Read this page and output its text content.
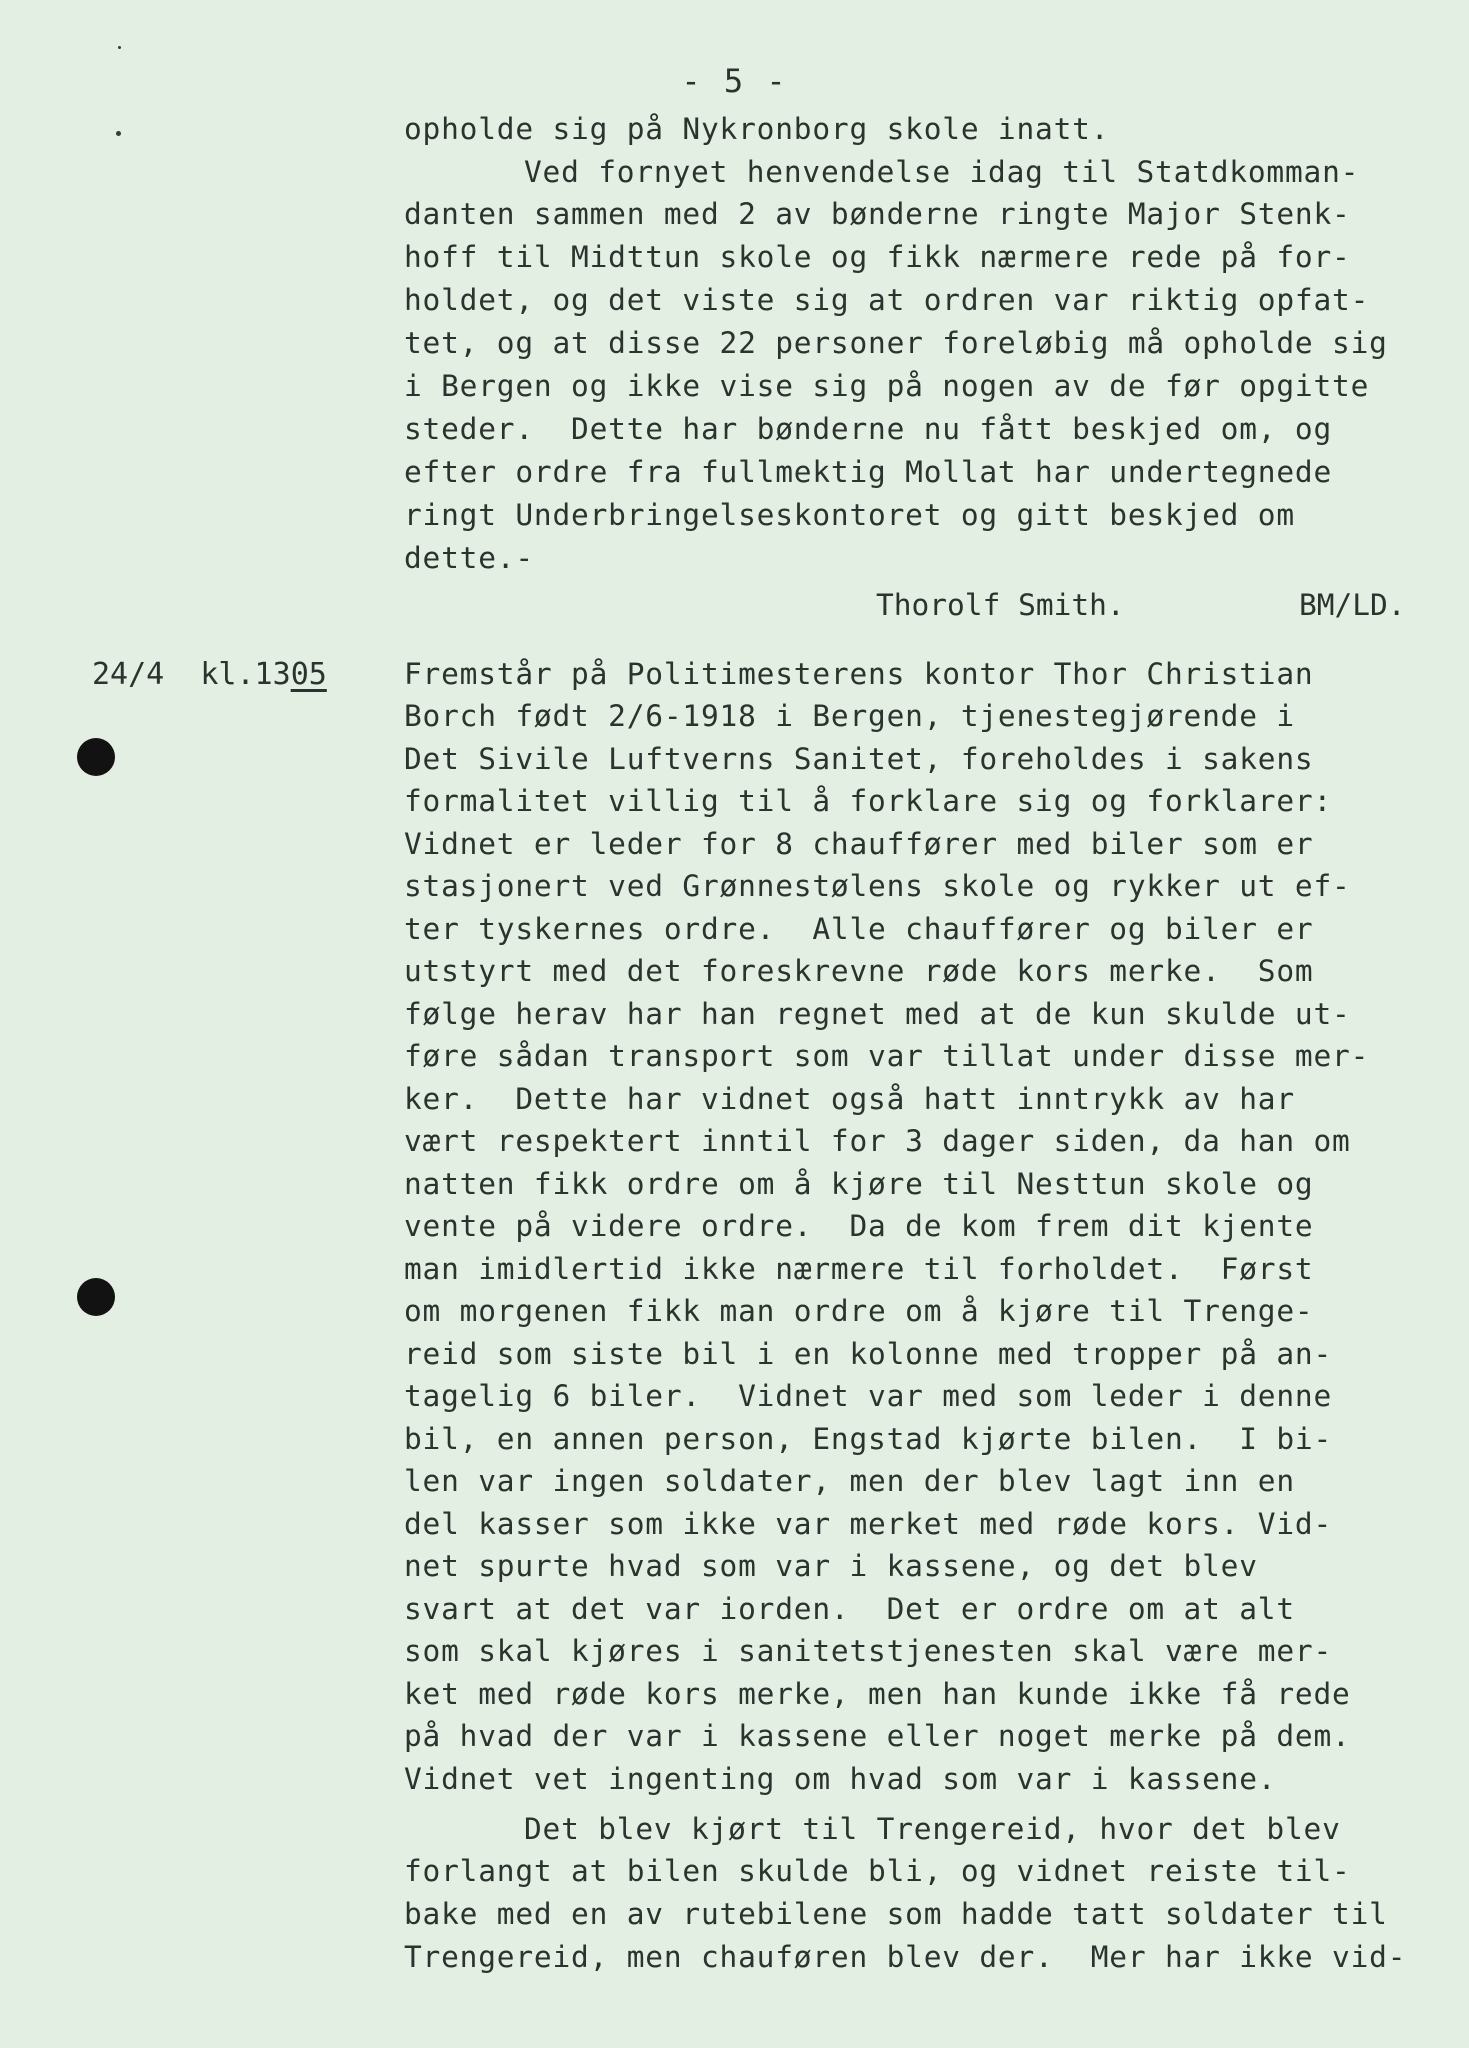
- 5 -
opholde sig på Nykronborg skole inatt.
Ved fornyet henvendelse idag til Statdkomman-
danten sammen med 2 av bønderne ringte Major Stenk-
hoff til Midttun skole og fikk nærmere rede på for-
holdet, og det viste sig at ordren var riktig opfat-
tet, og at disse 22 personer foreløbig må opholde sig
i Bergen og ikke vise sig på nogen av de før opgitte
steder.  Dette har bønderne nu fått beskjed om, og
efter ordre fra fullmektig Mollat har undertegnede
ringt Underbringelseskontoret og gitt beskjed om
dette.-
Thorolf Smith.	BM/LD.
24/4 kl.1305	Fremstår på Politimesterens kontor Thor Christian
Borch født 2/6-1918 i Bergen, tjenestegjørende i
Det Sivile Luftverns Sanitet, foreholdes i sakens
formalitet villig til å forklare sig og forklarer:
Vidnet er leder for 8 chauffører med biler som er
stasjonert ved Grønnestølens skole og rykker ut ef-
ter tyskernes ordre.  Alle chauffører og biler er
utstyrt med det foreskrevne røde kors merke.  Som
følge herav har han regnet med at de kun skulde ut-
føre sådan transport som var tillat under disse mer-
ker.  Dette har vidnet også hatt inntrykk av har
vært respektert inntil for 3 dager siden, da han om
natten fikk ordre om å kjøre til Nesttun skole og
vente på videre ordre.  Da de kom frem dit kjente
man imidlertid ikke nærmere til forholdet.  Først
om morgenen fikk man ordre om å kjøre til Trenge-
reid som siste bil i en kolonne med tropper på an-
tagelig 6 biler.  Vidnet var med som leder i denne
bil, en annen person, Engstad kjørte bilen.  I bi-
len var ingen soldater, men der blev lagt inn en
del kasser som ikke var merket med røde kors. Vid-
net spurte hvad som var i kassene, og det blev
svart at det var iorden.  Det er ordre om at alt
som skal kjøres i sanitetstjenesten skal være mer-
ket med røde kors merke, men han kunde ikke få rede
på hvad der var i kassene eller noget merke på dem.
Vidnet vet ingenting om hvad som var i kassene.
Det blev kjørt til Trengereid, hvor det blev
forlangt at bilen skulde bli, og vidnet reiste til-
bake med en av rutebilene som hadde tatt soldater til
Trengereid, men chauføren blev der.  Mer har ikke vid-
